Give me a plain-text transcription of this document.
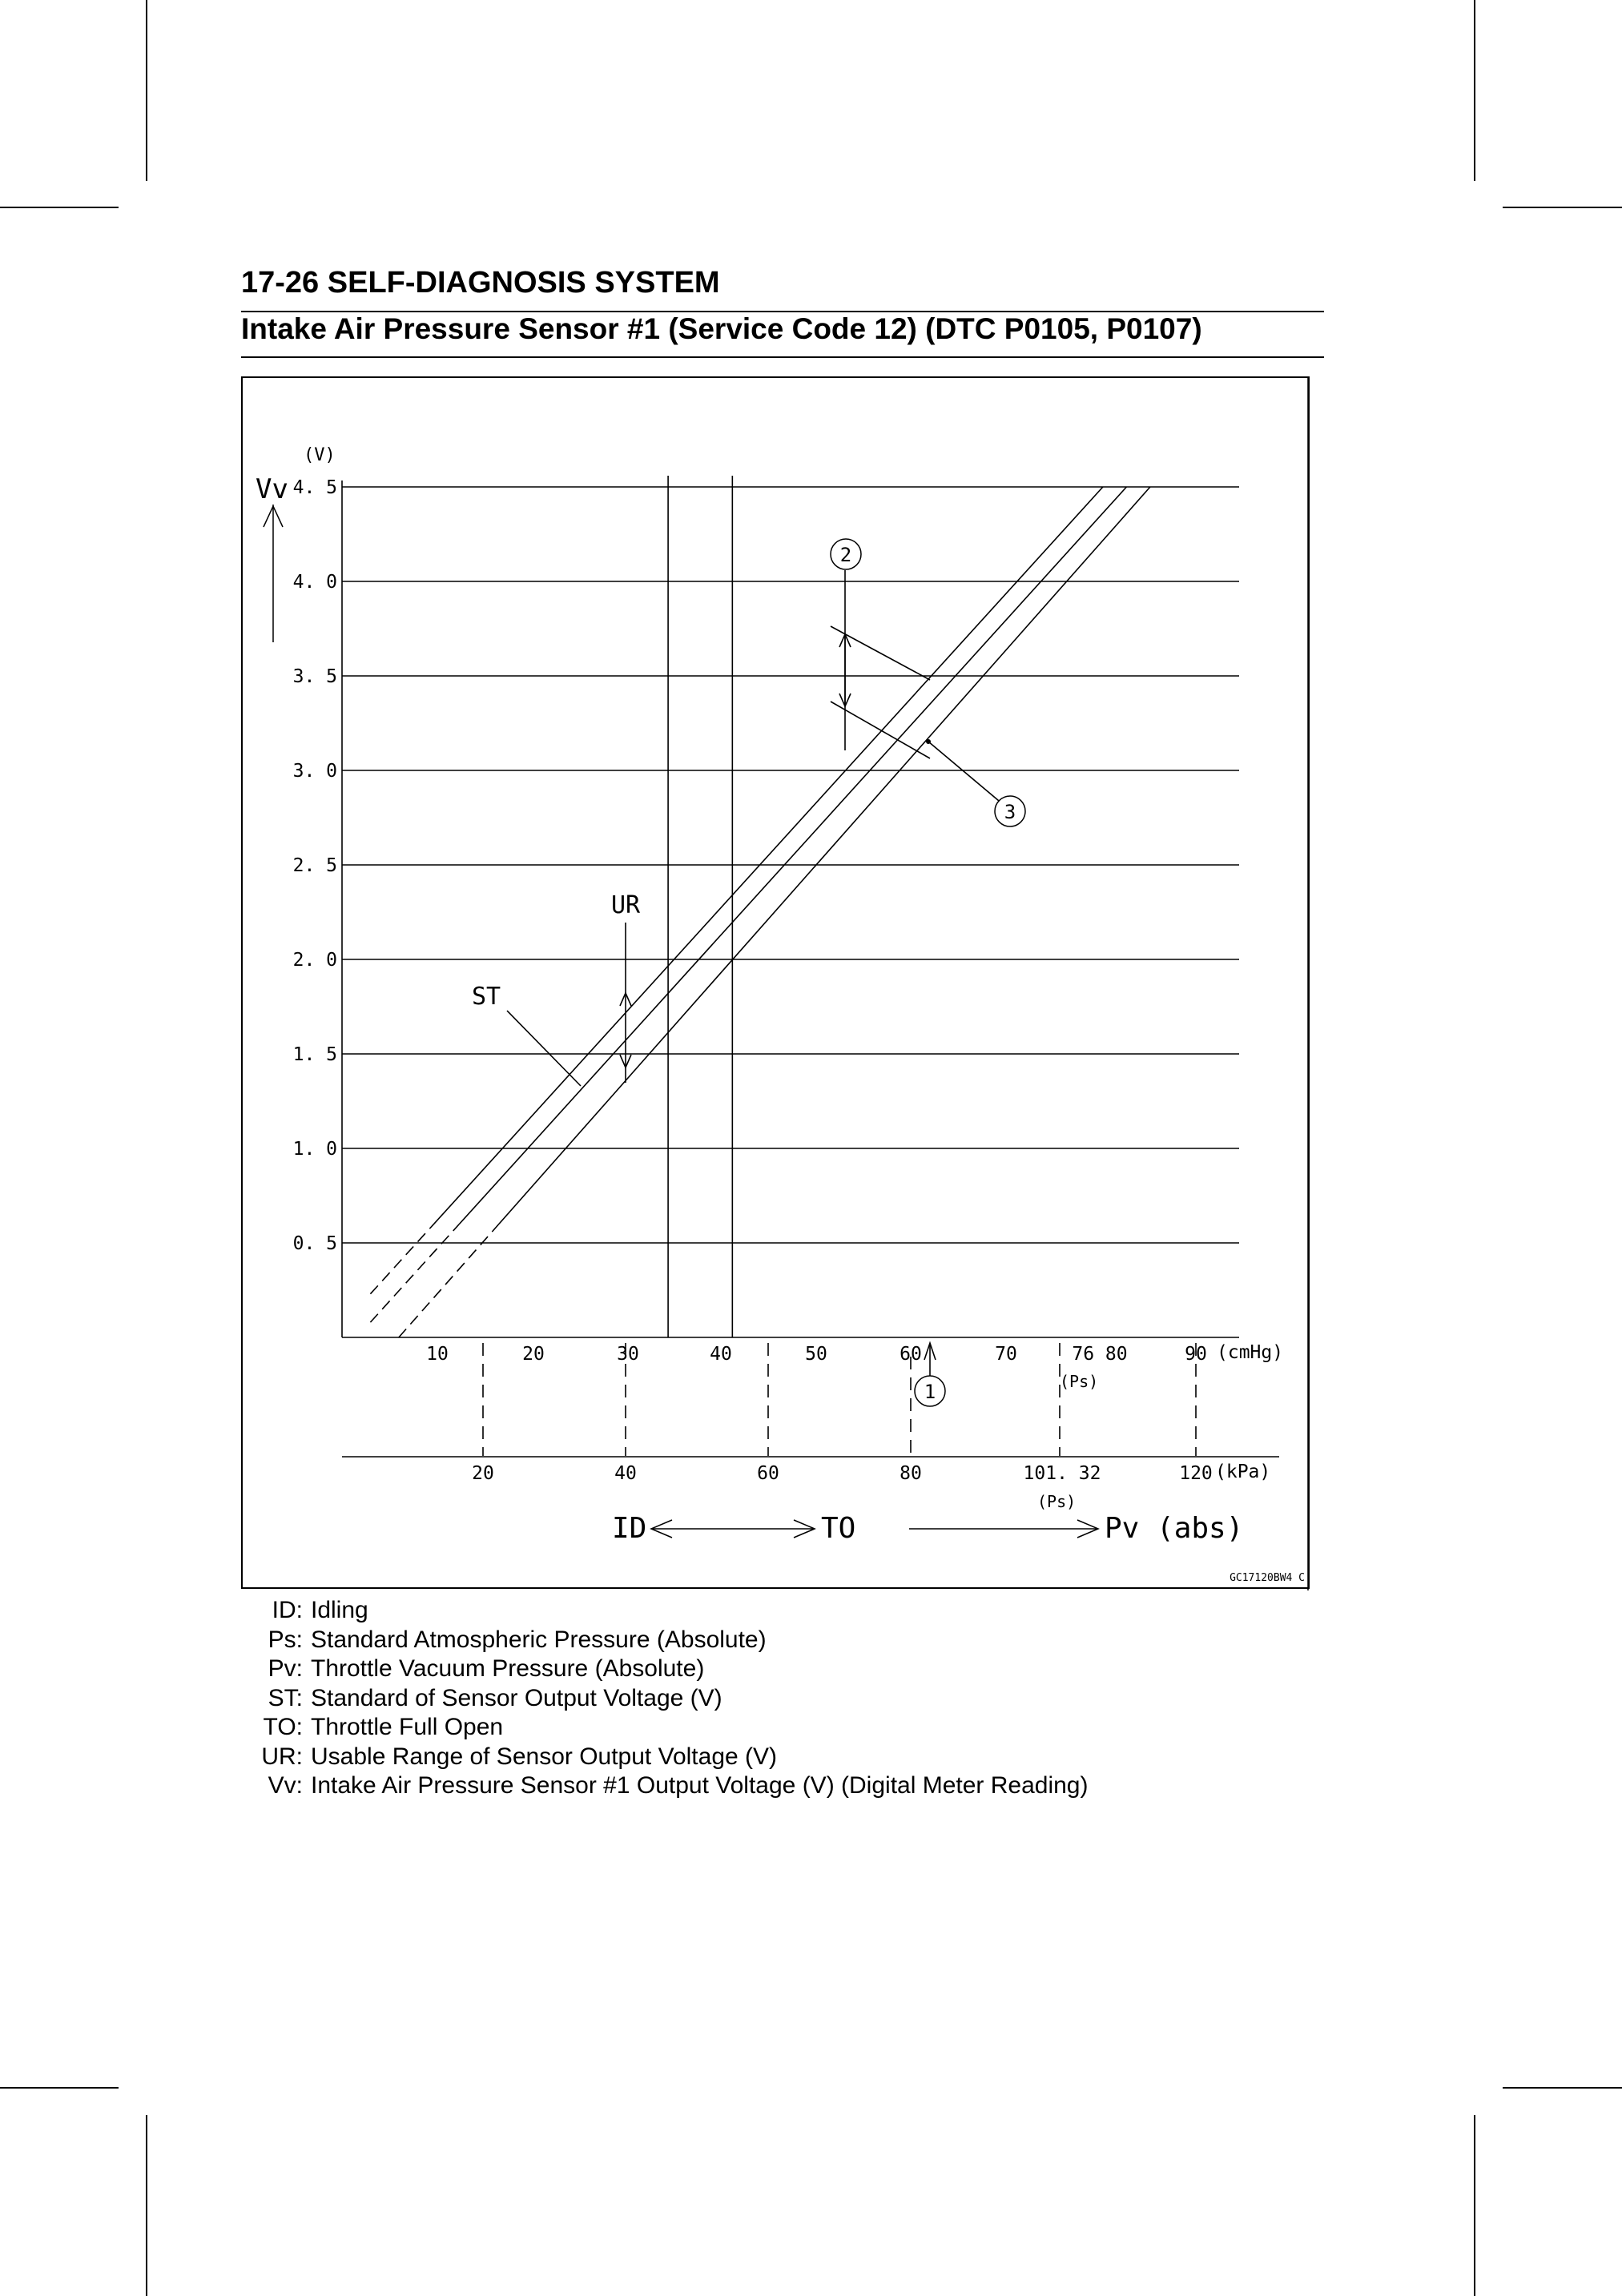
17-26 SELF-DIAGNOSIS SYSTEM
Intake Air Pressure Sensor #1 (Service Code 12) (DTC P0105, P0107)
4. 5
4. 0
3. 5
3. 0
2. 5
2. 0
1. 5
1. 0
0. 5
10	20	30	40	50	60	70	76 80	90 (cmHg)
(Ps)
20	40	60	80	101. 32	120 (kPa)
(Ps)
Vv
(V)
2
3
1
UR
ST
ID	TO	Pv (abs)
GC17120BW4 C
ID: Idling
Ps: Standard Atmospheric Pressure (Absolute)
Pv: Throttle Vacuum Pressure (Absolute)
ST: Standard of Sensor Output Voltage (V)
TO: Throttle Full Open
UR: Usable Range of Sensor Output Voltage (V)
Vv: Intake Air Pressure Sensor #1 Output Voltage (V) (Digital Meter Reading)
